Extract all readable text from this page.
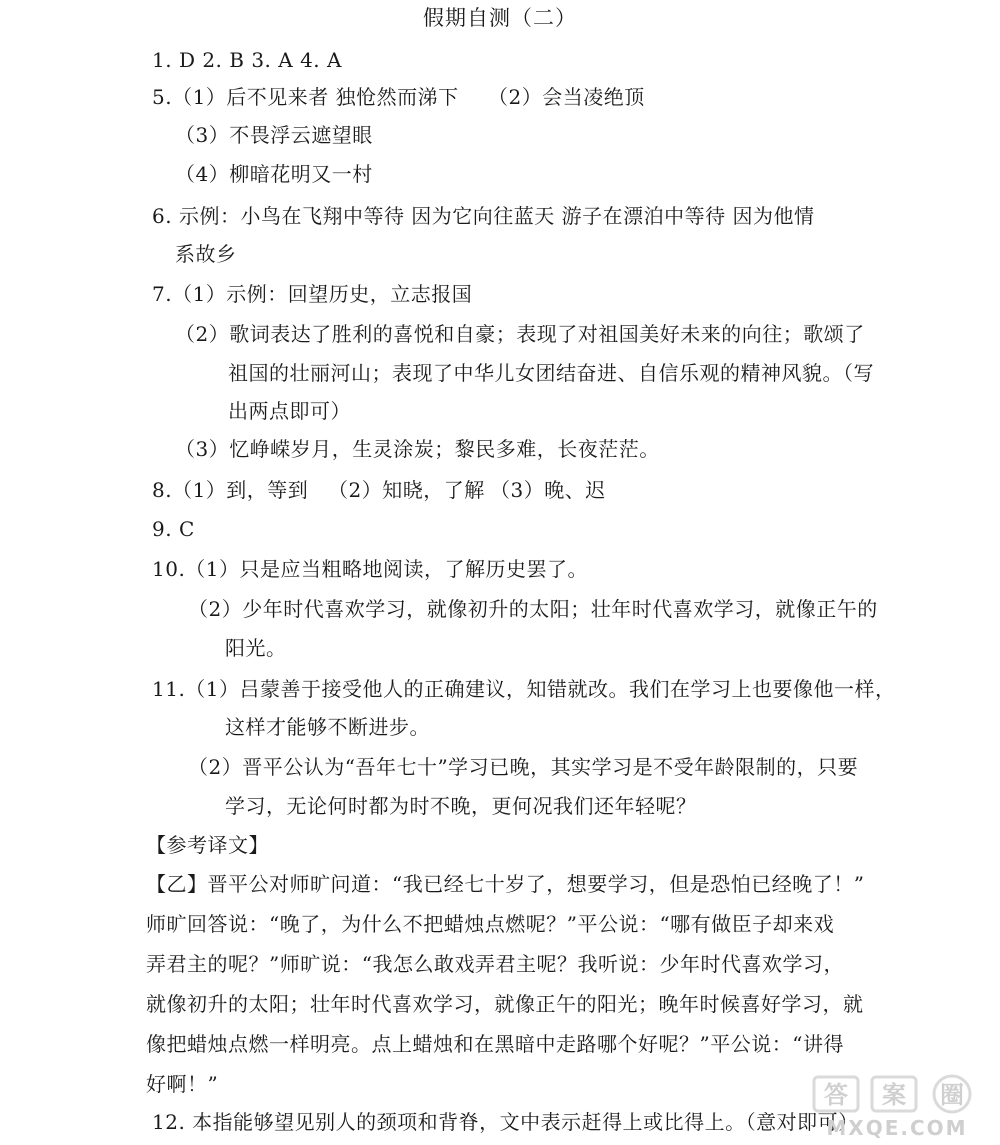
假期自测（二）
1. D 2. B 3. A 4. A
5.（1）后不见来者 独怆然而涕下 （2）会当凌绝顶
（3）不畏浮云遮望眼
（4）柳暗花明又一村
6. 示例：小鸟在飞翔中等待 因为它向往蓝天 游子在漂泊中等待 因为他情
系故乡
7.（1）示例：回望历史，立志报国
（2）歌词表达了胜利的喜悦和自豪；表现了对祖国美好未来的向往；歌颂了
祖国的壮丽河山；表现了中华儿女团结奋进、自信乐观的精神风貌。（写
出两点即可）
（3）忆峥嵘岁月，生灵涂炭；黎民多难，长夜茫茫。
8.（1）到，等到 （2）知晓，了解 （3）晚、迟
9. C
10.（1）只是应当粗略地阅读，了解历史罢了。
（2）少年时代喜欢学习，就像初升的太阳；壮年时代喜欢学习，就像正午的
阳光。
11.（1）吕蒙善于接受他人的正确建议，知错就改。我们在学习上也要像他一样，
这样才能够不断进步。
（2）晋平公认为“吾年七十”学习已晚，其实学习是不受年龄限制的，只要
学习，无论何时都为时不晚，更何况我们还年轻呢？
【参考译文】
【乙】晋平公对师旷问道：“我已经七十岁了，想要学习，但是恐怕已经晚了！”
师旷回答说：“晚了，为什么不把蜡烛点燃呢？”平公说：“哪有做臣子却来戏
弄君主的呢？”师旷说：“我怎么敢戏弄君主呢？我听说：少年时代喜欢学习，
就像初升的太阳；壮年时代喜欢学习，就像正午的阳光；晚年时候喜好学习，就
像把蜡烛点燃一样明亮。点上蜡烛和在黑暗中走路哪个好呢？”平公说：“讲得
好啊！”
12. 本指能够望见别人的颈项和背脊，文中表示赶得上或比得上。（意对即可）
答 案 圈
MXQE.COM
